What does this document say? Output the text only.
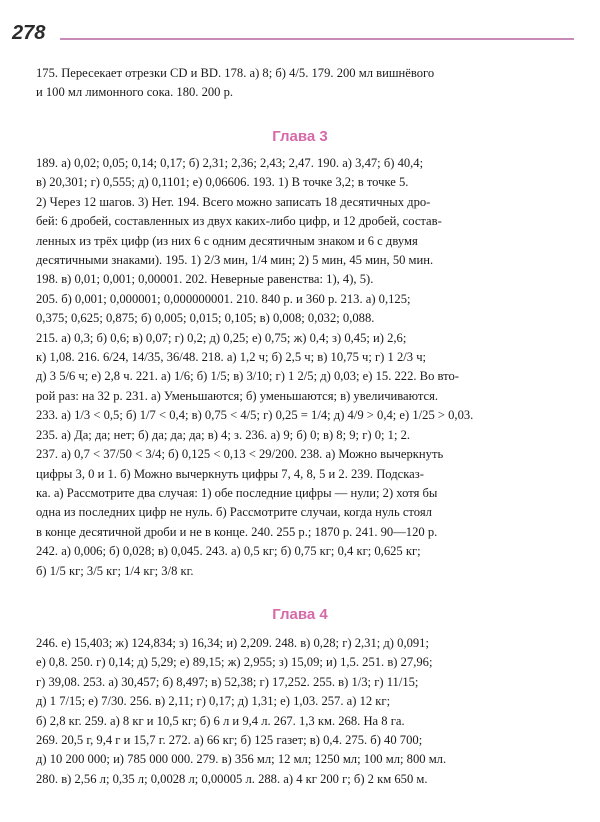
278

175. Пересекает отрезки CD и BD. 178. а) 8; б) 4/5. 179. 200 мл вишнёвого

и 100 мл лимонного сока. 180. 200 р.

Глава 3

189. а) 0,02; 0,05; 0,14; 0,17; б) 2,31; 2,36; 2,43; 2,47. 190. а) 3,47; б) 40,4;

в) 20,301; г) 0,555; д) 0,1101; е) 0,06606. 193. 1) В точке 3,2; в точке 5.

2) Через 12 шагов. 3) Нет. 194. Всего можно записать 18 десятичных дро-

бей: 6 дробей, составленных из двух каких-либо цифр, и 12 дробей, состав-

ленных из трёх цифр (из них 6 с одним десятичным знаком и 6 с двумя

десятичными знаками). 195. 1) 2/3 мин, 1/4 мин; 2) 5 мин, 45 мин, 50 мин.

198. в) 0,01; 0,001; 0,00001. 202. Неверные равенства: 1), 4), 5).

205. б) 0,001; 0,000001; 0,000000001. 210. 840 р. и 360 р. 213. а) 0,125;

0,375; 0,625; 0,875; б) 0,005; 0,015; 0,105; в) 0,008; 0,032; 0,088.

215. а) 0,3; б) 0,6; в) 0,07; г) 0,2; д) 0,25; е) 0,75; ж) 0,4; з) 0,45; и) 2,6;

к) 1,08. 216. 6/24, 14/35, 36/48. 218. а) 1,2 ч; б) 2,5 ч; в) 10,75 ч; г) 1 2/3 ч;

д) 3 5/6 ч; е) 2,8 ч. 221. а) 1/6; б) 1/5; в) 3/10; г) 1 2/5; д) 0,03; е) 15. 222. Во вто-

рой раз: на 32 р. 231. а) Уменьшаются; б) уменьшаются; в) увеличиваются.

233. а) 1/3 < 0,5; б) 1/7 < 0,4; в) 0,75 < 4/5; г) 0,25 = 1/4; д) 4/9 > 0,4; е) 1/25 > 0,03.

235. а) Да; да; нет; б) да; да; да; в) 4; з. 236. а) 9; б) 0; в) 8; 9; г) 0; 1; 2.

237. а) 0,7 < 37/50 < 3/4; б) 0,125 < 0,13 < 29/200. 238. а) Можно вычеркнуть

цифры 3, 0 и 1. б) Можно вычеркнуть цифры 7, 4, 8, 5 и 2. 239. Подсказ-

ка. а) Рассмотрите два случая: 1) обе последние цифры — нули; 2) хотя бы

одна из последних цифр не нуль. б) Рассмотрите случаи, когда нуль стоял

в конце десятичной дроби и не в конце. 240. 255 р.; 1870 р. 241. 90—120 р.

242. а) 0,006; б) 0,028; в) 0,045. 243. а) 0,5 кг; б) 0,75 кг; 0,4 кг; 0,625 кг;

б) 1/5 кг; 3/5 кг; 1/4 кг; 3/8 кг.

Глава 4

246. е) 15,403; ж) 124,834; з) 16,34; и) 2,209. 248. в) 0,28; г) 2,31; д) 0,091;

е) 0,8. 250. г) 0,14; д) 5,29; е) 89,15; ж) 2,955; з) 15,09; и) 1,5. 251. в) 27,96;

г) 39,08. 253. а) 30,457; б) 8,497; в) 52,38; г) 17,252. 255. в) 1/3; г) 11/15;

д) 1 7/15; е) 7/30. 256. в) 2,11; г) 0,17; д) 1,31; е) 1,03. 257. а) 12 кг;

б) 2,8 кг. 259. а) 8 кг и 10,5 кг; б) 6 л и 9,4 л. 267. 1,3 км. 268. На 8 га.

269. 20,5 г, 9,4 г и 15,7 г. 272. а) 66 кг; б) 125 газет; в) 0,4. 275. б) 40 700;

д) 10 200 000; и) 785 000 000. 279. в) 356 мл; 12 мл; 1250 мл; 100 мл; 800 мл.

280. в) 2,56 л; 0,35 л; 0,0028 л; 0,00005 л. 288. а) 4 кг 200 г; б) 2 км 650 м.
